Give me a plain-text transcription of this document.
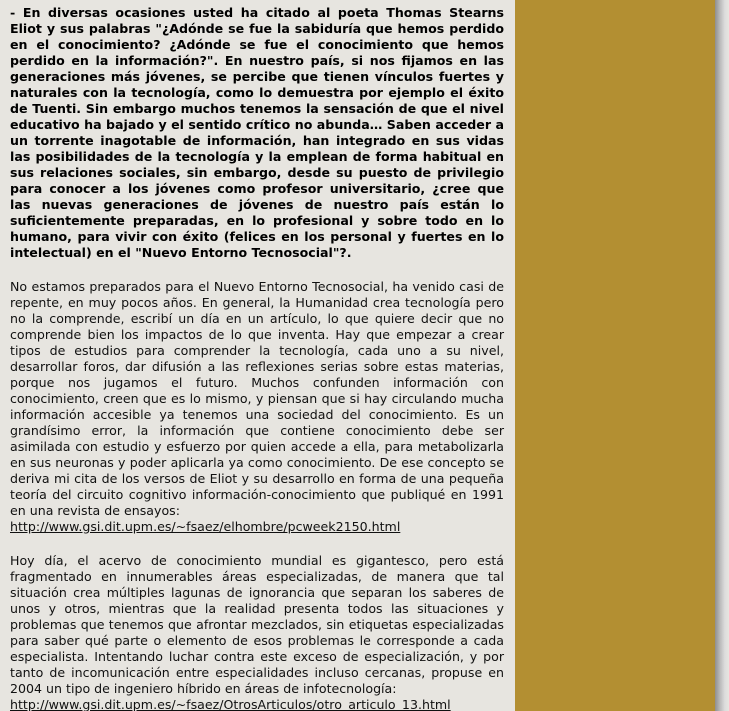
- En diversas ocasiones usted ha citado al poeta Thomas Stearns Eliot y sus palabras "¿Adónde se fue la sabiduría que hemos perdido en el conocimiento? ¿Adónde se fue el conocimiento que hemos perdido en la información?". En nuestro país, si nos fijamos en las generaciones más jóvenes, se percibe que tienen vínculos fuertes y naturales con la tecnología, como lo demuestra por ejemplo el éxito de Tuenti. Sin embargo muchos tenemos la sensación de que el nivel educativo ha bajado y el sentido crítico no abunda… Saben acceder a un torrente inagotable de información, han integrado en sus vidas las posibilidades de la tecnología y la emplean de forma habitual en sus relaciones sociales, sin embargo, desde su puesto de privilegio para conocer a los jóvenes como profesor universitario, ¿cree que las nuevas generaciones de jóvenes de nuestro país están lo suficientemente preparadas, en lo profesional y sobre todo en lo humano, para vivir con éxito (felices en los personal y fuertes en lo intelectual) en el "Nuevo Entorno Tecnosocial"?.

No estamos preparados para el Nuevo Entorno Tecnosocial, ha venido casi de repente, en muy pocos años. En general, la Humanidad crea tecnología pero no la comprende, escribí un día en un artículo, lo que quiere decir que no comprende bien los impactos de lo que inventa. Hay que empezar a crear tipos de estudios para comprender la tecnología, cada uno a su nivel, desarrollar foros, dar difusión a las reflexiones serias sobre estas materias, porque nos jugamos el futuro. Muchos confunden información con conocimiento, creen que es lo mismo, y piensan que si hay circulando mucha información accesible ya tenemos una sociedad del conocimiento. Es un grandísimo error, la información que contiene conocimiento debe ser asimilada con estudio y esfuerzo por quien accede a ella, para metabolizarla en sus neuronas y poder aplicarla ya como conocimiento. De ese concepto se deriva mi cita de los versos de Eliot y su desarrollo en forma de una pequeña teoría del circuito cognitivo información-conocimiento que publiqué en 1991 en una revista de ensayos:
http://www.gsi.dit.upm.es/~fsaez/elhombre/pcweek2150.html

Hoy día, el acervo de conocimiento mundial es gigantesco, pero está fragmentado en innumerables áreas especializadas, de manera que tal situación crea múltiples lagunas de ignorancia que separan los saberes de unos y otros, mientras que la realidad presenta todos las situaciones y problemas que tenemos que afrontar mezclados, sin etiquetas especializadas para saber qué parte o elemento de esos problemas le corresponde a cada especialista. Intentando luchar contra este exceso de especialización, y por tanto de incomunicación entre especialidades incluso cercanas, propuse en 2004 un tipo de ingeniero híbrido en áreas de infotecnología:
http://www.gsi.dit.upm.es/~fsaez/OtrosArticulos/otro_articulo_13.html
